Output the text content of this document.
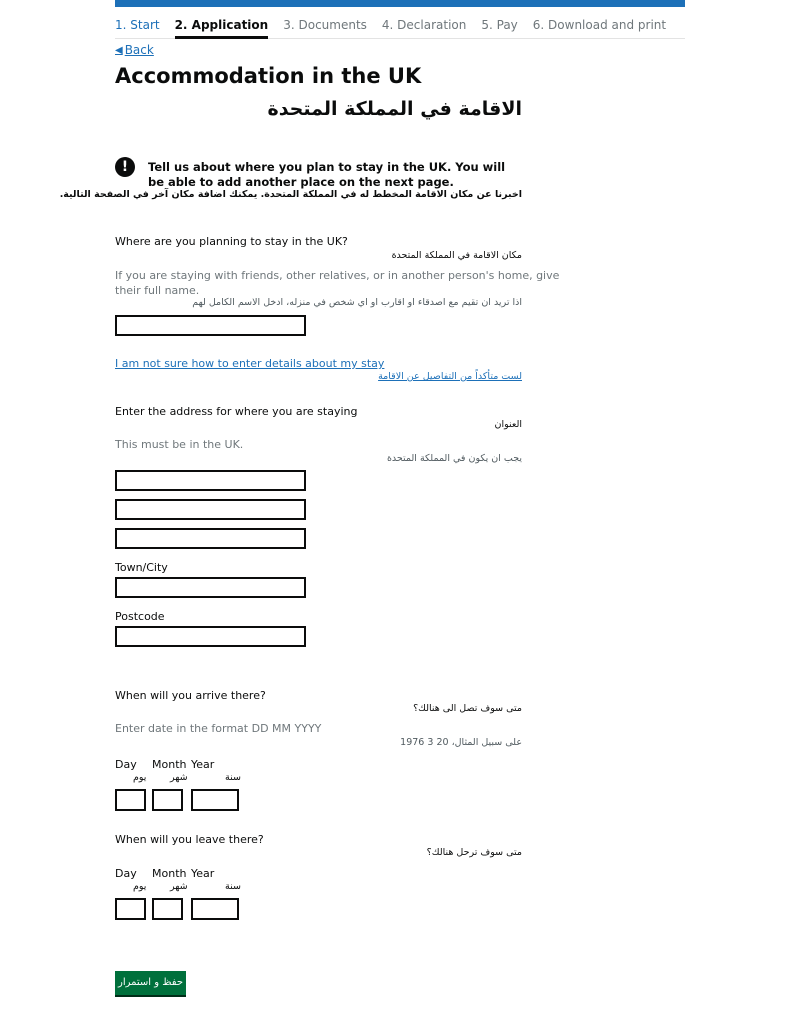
1. Start 2. Application 3. Documents 4. Declaration 5. Pay 6. Download and print
◀ Back
Accommodation in the UK
الاقامة في المملكة المتحدة
!	Tell us about where you plan to stay in the UK. You will be able to add another place on the next page.
اخبرنا عن مكان الاقامة المخطط له في المملكة المتحدة. يمكنك اضافة مكان آخر في الصفحة التالية.
Where are you planning to stay in the UK?
مكان الاقامة في المملكة المتحدة
If you are staying with friends, other relatives, or in another person's home, give
their full name.
اذا تريد ان تقيم مع اصدقاء او اقارب او اي شخص في منزله، ادخل الاسم الكامل لهم
I am not sure how to enter details about my stay
لست متأكداً من التفاصيل عن الاقامة
Enter the address for where you are staying
العنوان
This must be in the UK.
يجب ان يكون في المملكة المتحدة
Town/City
Postcode
When will you arrive there?
متى سوف تصل الى هنالك؟
Enter date in the format DD MM YYYY
على سبيل المثال، 20 3 1976
Day Month Year
يوم شهر	سنة
When will you leave there?
متى سوف ترحل هنالك؟
Day Month Year
يوم شهر	سنة
حفظ و استمرار
